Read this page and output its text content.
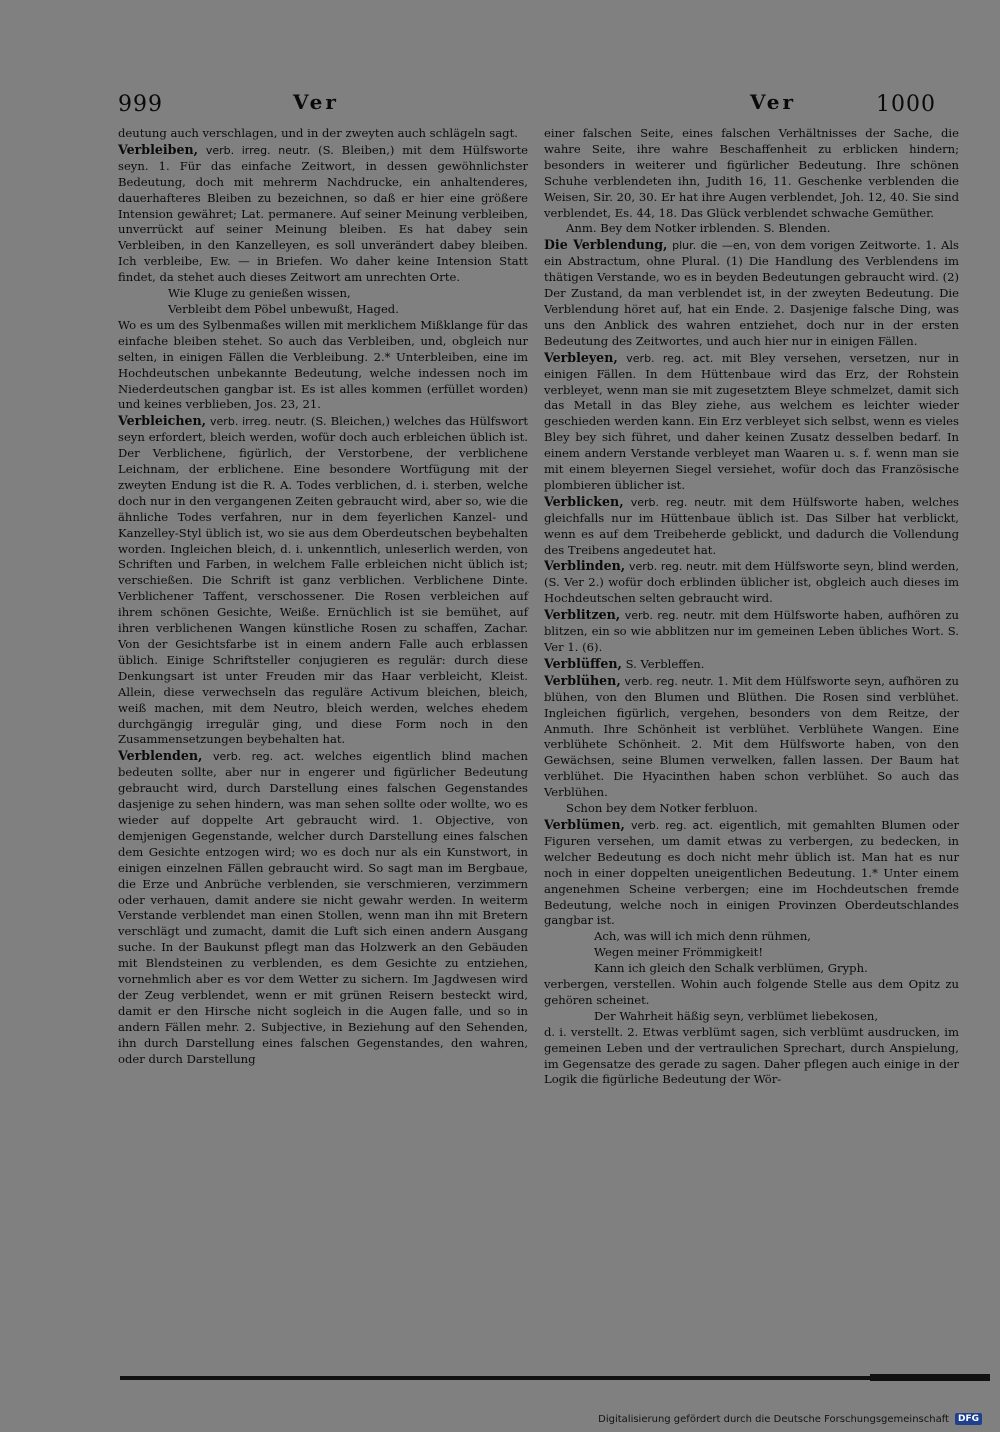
999	Ver	Ver	1000

deutung auch verschlagen, und in der zweyten auch schlägeln sagt.

Verbleiben, verb. irreg. neutr. (S. Bleiben,) mit dem Hülfsworte seyn. 1. Für das einfache Zeitwort, in dessen gewöhnlichster Bedeutung, doch mit mehrerm Nachdrucke, ein anhaltenderes, dauerhafteres Bleiben zu bezeichnen, so daß er hier eine größere Intension gewähret; Lat. permanere. Auf seiner Meinung verbleiben, unverrückt auf seiner Meinung bleiben. Es hat dabey sein Verbleiben, in den Kanzelleyen, es soll unverändert dabey bleiben. Ich verbleibe, Ew. — in Briefen. Wo daher keine Intension Statt findet, da stehet auch dieses Zeitwort am unrechten Orte.

Wie Kluge zu genießen wissen,

Verbleibt dem Pöbel unbewußt, Haged.

Wo es um des Sylbenmaßes willen mit merklichem Mißklange für das einfache bleiben stehet. So auch das Verbleiben, und, obgleich nur selten, in einigen Fällen die Verbleibung. 2.* Unterbleiben, eine im Hochdeutschen unbekannte Bedeutung, welche indessen noch im Niederdeutschen gangbar ist. Es ist alles kommen (erfüllet worden) und keines verblieben, Jos. 23, 21.

Verbleichen, verb. irreg. neutr. (S. Bleichen,) welches das Hülfswort seyn erfordert, bleich werden, wofür doch auch erbleichen üblich ist. Der Verblichene, figürlich, der Verstorbene, der verblichene Leichnam, der erblichene. Eine besondere Wortfügung mit der zweyten Endung ist die R. A. Todes verblichen, d. i. sterben, welche doch nur in den vergangenen Zeiten gebraucht wird, aber so, wie die ähnliche Todes verfahren, nur in dem feyerlichen Kanzel- und Kanzelley-Styl üblich ist, wo sie aus dem Oberdeutschen beybehalten worden. Ingleichen bleich, d. i. unkenntlich, unleserlich werden, von Schriften und Farben, in welchem Falle erbleichen nicht üblich ist; verschießen. Die Schrift ist ganz verblichen. Verblichene Dinte. Verblichener Taffent, verschossener. Die Rosen verbleichen auf ihrem schönen Gesichte, Weiße. Ernüchlich ist sie bemühet, auf ihren verblichenen Wangen künstliche Rosen zu schaffen, Zachar. Von der Gesichtsfarbe ist in einem andern Falle auch erblassen üblich. Einige Schriftsteller conjugieren es regulär: durch diese Denkungsart ist unter Freuden mir das Haar verbleicht, Kleist. Allein, diese verwechseln das reguläre Activum bleichen, bleich, weiß machen, mit dem Neutro, bleich werden, welches ehedem durchgängig irregulär ging, und diese Form noch in den Zusammensetzungen beybehalten hat.

Verblenden, verb. reg. act. welches eigentlich blind machen bedeuten sollte, aber nur in engerer und figürlicher Bedeutung gebraucht wird, durch Darstellung eines falschen Gegenstandes dasjenige zu sehen hindern, was man sehen sollte oder wollte, wo es wieder auf doppelte Art gebraucht wird. 1. Objective, von demjenigen Gegenstande, welcher durch Darstellung eines falschen dem Gesichte entzogen wird; wo es doch nur als ein Kunstwort, in einigen einzelnen Fällen gebraucht wird. So sagt man im Bergbaue, die Erze und Anbrüche verblenden, sie verschmieren, verzimmern oder verhauen, damit andere sie nicht gewahr werden. In weiterm Verstande verblendet man einen Stollen, wenn man ihn mit Bretern verschlägt und zumacht, damit die Luft sich einen andern Ausgang suche. In der Baukunst pflegt man das Holzwerk an den Gebäuden mit Blendsteinen zu verblenden, es dem Gesichte zu entziehen, vornehmlich aber es vor dem Wetter zu sichern. Im Jagdwesen wird der Zeug verblendet, wenn er mit grünen Reisern besteckt wird, damit er den Hirsche nicht sogleich in die Augen falle, und so in andern Fällen mehr. 2. Subjective, in Beziehung auf den Sehenden, ihn durch Darstellung eines falschen Gegenstandes, den wahren, oder durch Darstellung

einer falschen Seite, eines falschen Verhältnisses der Sache, die wahre Seite, ihre wahre Beschaffenheit zu erblicken hindern; besonders in weiterer und figürlicher Bedeutung. Ihre schönen Schuhe verblendeten ihn, Judith 16, 11. Geschenke verblenden die Weisen, Sir. 20, 30. Er hat ihre Augen verblendet, Joh. 12, 40. Sie sind verblendet, Es. 44, 18. Das Glück verblendet schwache Gemüther.

Anm. Bey dem Notker irblenden. S. Blenden.

Die Verblendung, plur. die —en, von dem vorigen Zeitworte. 1. Als ein Abstractum, ohne Plural. (1) Die Handlung des Verblendens im thätigen Verstande, wo es in beyden Bedeutungen gebraucht wird. (2) Der Zustand, da man verblendet ist, in der zweyten Bedeutung. Die Verblendung höret auf, hat ein Ende. 2. Dasjenige falsche Ding, was uns den Anblick des wahren entziehet, doch nur in der ersten Bedeutung des Zeitwortes, und auch hier nur in einigen Fällen.

Verbleyen, verb. reg. act. mit Bley versehen, versetzen, nur in einigen Fällen. In dem Hüttenbaue wird das Erz, der Rohstein verbleyet, wenn man sie mit zugesetztem Bleye schmelzet, damit sich das Metall in das Bley ziehe, aus welchem es leichter wieder geschieden werden kann. Ein Erz verbleyet sich selbst, wenn es vieles Bley bey sich führet, und daher keinen Zusatz desselben bedarf. In einem andern Verstande verbleyet man Waaren u. s. f. wenn man sie mit einem bleyernen Siegel versiehet, wofür doch das Französische plombieren üblicher ist.

Verblicken, verb. reg. neutr. mit dem Hülfsworte haben, welches gleichfalls nur im Hüttenbaue üblich ist. Das Silber hat verblickt, wenn es auf dem Treibeherde geblickt, und dadurch die Vollendung des Treibens angedeutet hat.

Verblinden, verb. reg. neutr. mit dem Hülfsworte seyn, blind werden, (S. Ver 2.) wofür doch erblinden üblicher ist, obgleich auch dieses im Hochdeutschen selten gebraucht wird.

Verblitzen, verb. reg. neutr. mit dem Hülfsworte haben, aufhören zu blitzen, ein so wie abblitzen nur im gemeinen Leben übliches Wort. S. Ver 1. (6).

Verblüffen, S. Verbleffen.

Verblühen, verb. reg. neutr. 1. Mit dem Hülfsworte seyn, aufhören zu blühen, von den Blumen und Blüthen. Die Rosen sind verblühet. Ingleichen figürlich, vergehen, besonders von dem Reitze, der Anmuth. Ihre Schönheit ist verblühet. Verblühete Wangen. Eine verblühete Schönheit. 2. Mit dem Hülfsworte haben, von den Gewächsen, seine Blumen verwelken, fallen lassen. Der Baum hat verblühet. Die Hyacinthen haben schon verblühet. So auch das Verblühen.

Schon bey dem Notker ferbluon.

Verblümen, verb. reg. act. eigentlich, mit gemahlten Blumen oder Figuren versehen, um damit etwas zu verbergen, zu bedecken, in welcher Bedeutung es doch nicht mehr üblich ist. Man hat es nur noch in einer doppelten uneigentlichen Bedeutung. 1.* Unter einem angenehmen Scheine verbergen; eine im Hochdeutschen fremde Bedeutung, welche noch in einigen Provinzen Oberdeutschlandes gangbar ist.

Ach, was will ich mich denn rühmen,

Wegen meiner Frömmigkeit!

Kann ich gleich den Schalk verblümen, Gryph.

verbergen, verstellen. Wohin auch folgende Stelle aus dem Opitz zu gehören scheinet.

Der Wahrheit häßig seyn, verblümet liebekosen,

d. i. verstellt. 2. Etwas verblümt sagen, sich verblümt ausdrucken, im gemeinen Leben und der vertraulichen Sprechart, durch Anspielung, im Gegensatze des gerade zu sagen. Daher pflegen auch einige in der Logik die figürliche Bedeutung der Wör-

Digitalisierung gefördert durch die Deutsche Forschungsgemeinschaft	DFG
